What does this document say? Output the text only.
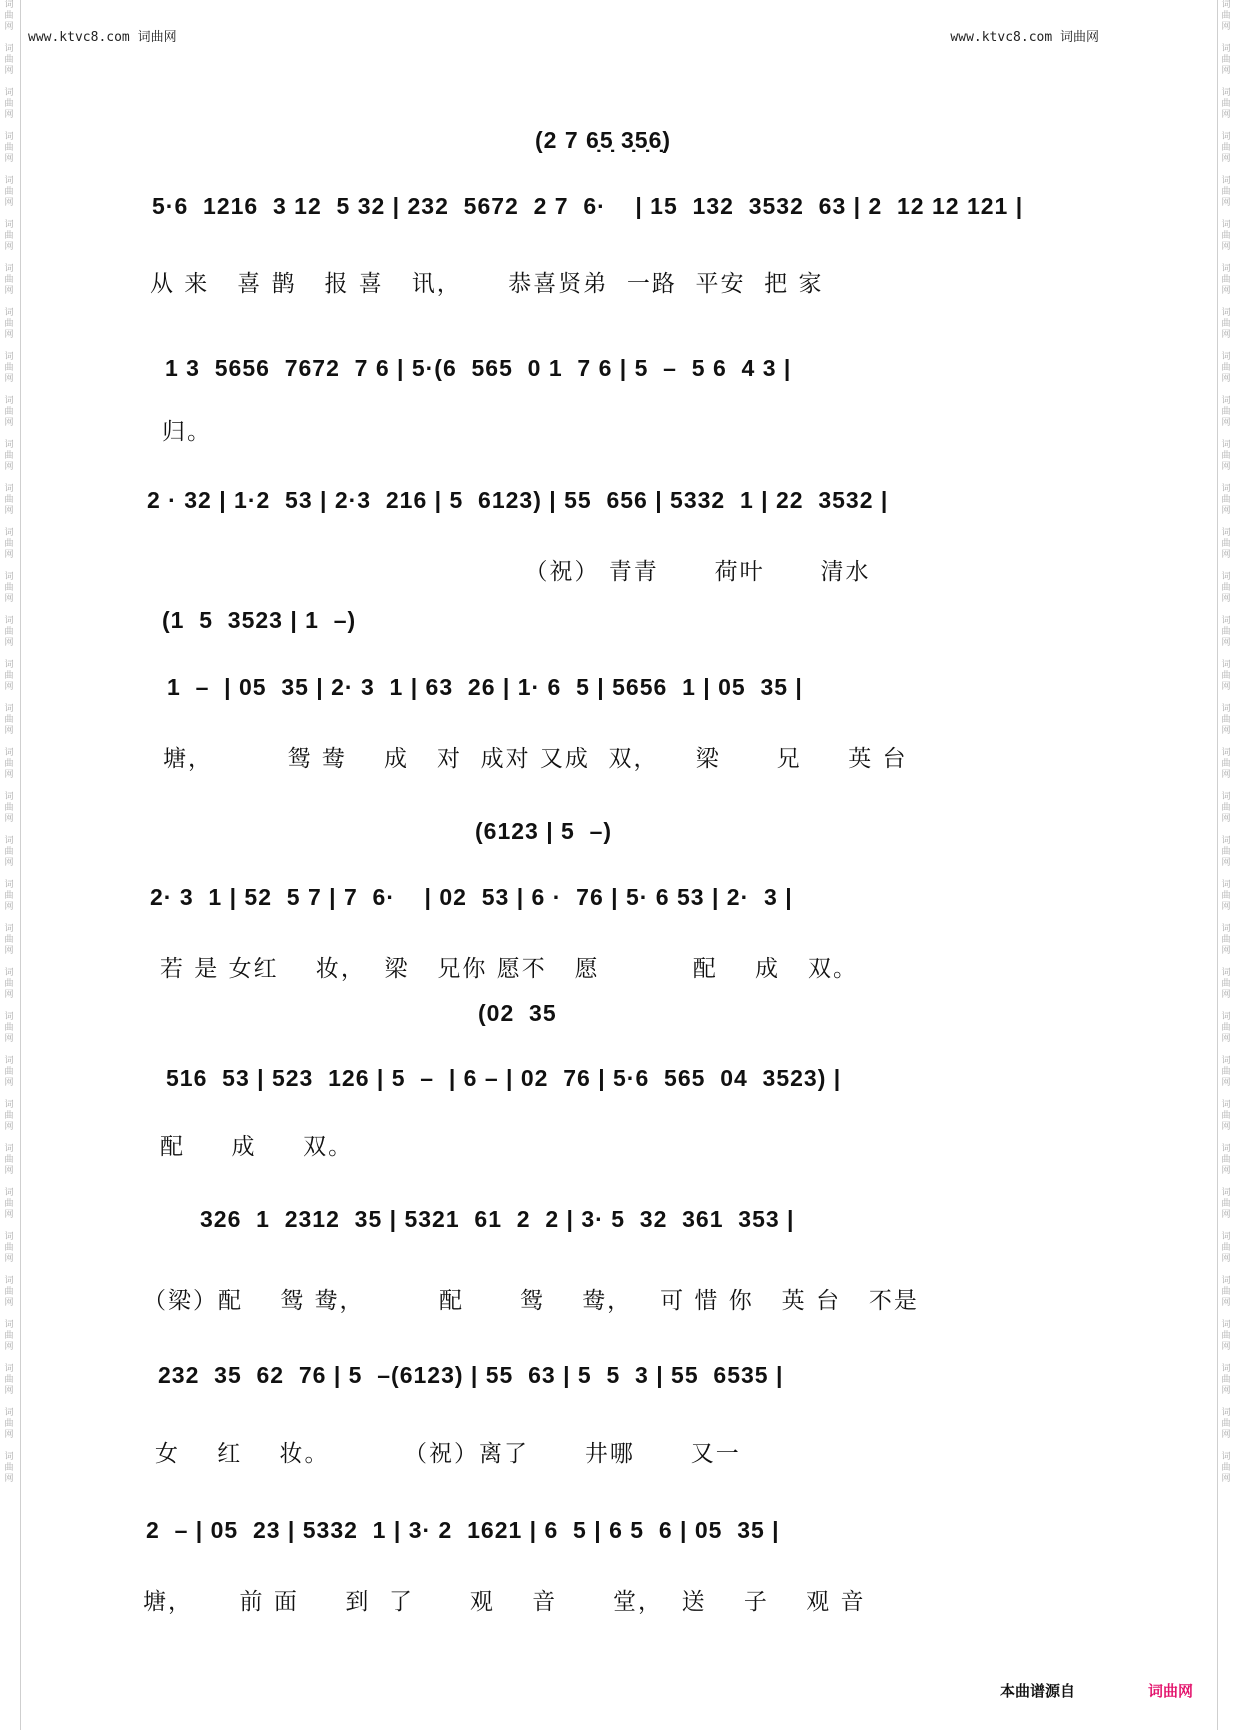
词
曲
网

词
曲
网

词
曲
网

词
曲
网

词
曲
网

词
曲
网

词
曲
网

词
曲
网

词
曲
网

词
曲
网

词
曲
网

词
曲
网

词
曲
网

词
曲
网

词
曲
网

词
曲
网

词
曲
网

词
曲
网

词
曲
网

词
曲
网

词
曲
网

词
曲
网

词
曲
网

词
曲
网

词
曲
网

词
曲
网

词
曲
网

词
曲
网

词
曲
网

词
曲
网

词
曲
网

词
曲
网

词
曲
网

词
曲
网

词
曲
网

词
曲
网

词
曲
网

词
曲
网

词
曲
网

词
曲
网

词
曲
网

词
曲
网

词
曲
网

词
曲
网

词
曲
网

词
曲
网

词
曲
网

词
曲
网

词
曲
网

词
曲
网

词
曲
网

词
曲
网

词
曲
网

词
曲
网

词
曲
网

词
曲
网

词
曲
网

词
曲
网

词
曲
网

词
曲
网

词
曲
网

词
曲
网

词
曲
网

词
曲
网

词
曲
网

词
曲
网

词
曲
网

词
曲
网

www.ktvc8.com 词曲网	www.ktvc8.com 词曲网
(2 7 6̣5̣ 3̣5̣6̣)
5·6  1216  3 12  5 32 | 232  5672  2 7  6·    | 15  132  3532  63 | 2  12 12 121 |
从 来   喜 鹊   报 喜   讯，     恭喜贤弟  一路  平安  把 家
1 3  5656  7672  7 6 | 5·(6  565  0 1  7 6 | 5  –  5 6  4 3 |
归。
2 · 32 | 1·2  53 | 2·3  216 | 5  6123) | 55  656 | 5332  1 | 22  3532 |
（祝） 青青      荷叶      清水
(1  5  3523 | 1  –)
1  –  | 05  35 | 2· 3  1 | 63  26 | 1· 6  5 | 5656  1 | 05  35 |
塘，        鸳 鸯    成   对  成对 又成  双，    梁      兄     英 台
(6123 | 5  –)
2· 3  1 | 52  5 7 | 7  6·    | 02  53 | 6 ·  76 | 5· 6 53 | 2·  3 |
若 是 女红    妆，  梁   兄你 愿不   愿          配    成   双。
(02  35
516  53 | 523  126 | 5  –  | 6 – | 02  76 | 5·6  565  04  3523) |
配     成     双。
326  1  2312  35 | 5321  61  2  2 | 3· 5  32  361  353 |
（梁）配    鸳 鸯，        配      鸳    鸯，   可 惜 你   英 台   不是
232  35  62  76 | 5  –(6123) | 55  63 | 5  5  3 | 55  6535 |
女    红    妆。        （祝）离了      井哪      又一
2  – | 05  23 | 5332  1 | 3· 2  1621 | 6  5 | 6 5  6 | 05  35 |
塘，     前 面     到  了      观    音      堂，  送    子    观 音
本曲谱源自	词曲网
